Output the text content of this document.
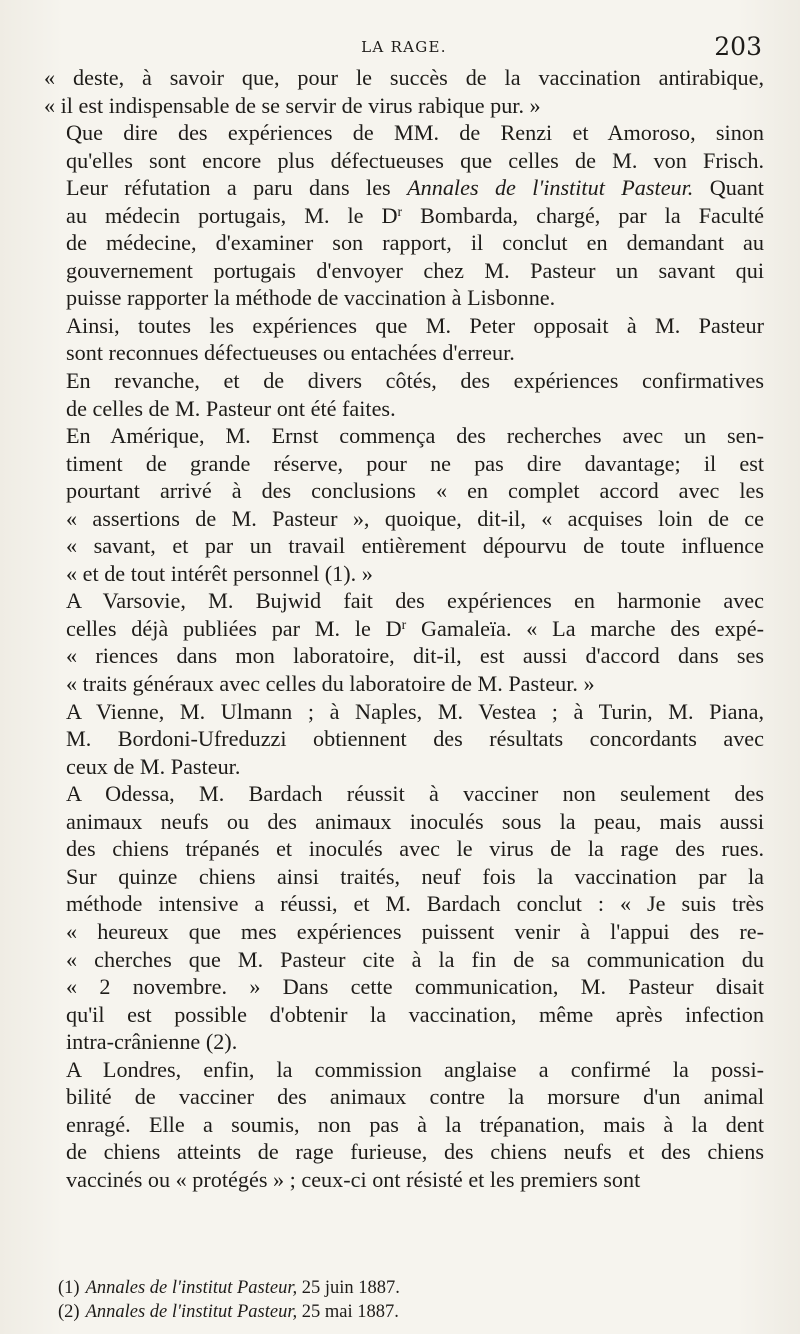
LA RAGE.	203

« deste, à savoir que, pour le succès de la vaccination antirabique,
« il est indispensable de se servir de virus rabique pur. »

Que dire des expériences de MM. de Renzi et Amoroso, sinon
qu'elles sont encore plus défectueuses que celles de M. von Frisch.
Leur réfutation a paru dans les Annales de l'institut Pasteur. Quant
au médecin portugais, M. le $D^r$ Bombarda, chargé, par la Faculté
de médecine, d'examiner son rapport, il conclut en demandant au
gouvernement portugais d'envoyer chez M. Pasteur un savant qui
puisse rapporter la méthode de vaccination à Lisbonne.

Ainsi, toutes les expériences que M. Peter opposait à M. Pasteur
sont reconnues défectueuses ou entachées d'erreur.

En revanche, et de divers côtés, des expériences confirmatives
de celles de M. Pasteur ont été faites.

En Amérique, M. Ernst commença des recherches avec un sen-
timent de grande réserve, pour ne pas dire davantage; il est
pourtant arrivé à des conclusions « en complet accord avec les
« assertions de M. Pasteur », quoique, dit-il, « acquises loin de ce
« savant, et par un travail entièrement dépourvu de toute influence
« et de tout intérêt personnel (1). »

A Varsovie, M. Bujwid fait des expériences en harmonie avec
celles déjà publiées par M. le $D^r$ Gamaleïa. « La marche des expé-
« riences dans mon laboratoire, dit-il, est aussi d'accord dans ses
« traits généraux avec celles du laboratoire de M. Pasteur. »

A Vienne, M. Ulmann ; à Naples, M. Vestea ; à Turin, M. Piana,
M. Bordoni-Ufreduzzi obtiennent des résultats concordants avec
ceux de M. Pasteur.

A Odessa, M. Bardach réussit à vacciner non seulement des
animaux neufs ou des animaux inoculés sous la peau, mais aussi
des chiens trépanés et inoculés avec le virus de la rage des rues.
Sur quinze chiens ainsi traités, neuf fois la vaccination par la
méthode intensive a réussi, et M. Bardach conclut : « Je suis très
« heureux que mes expériences puissent venir à l'appui des re-
« cherches que M. Pasteur cite à la fin de sa communication du
« 2 novembre. » Dans cette communication, M. Pasteur disait
qu'il est possible d'obtenir la vaccination, même après infection
intra-crânienne (2).

A Londres, enfin, la commission anglaise a confirmé la possi-
bilité de vacciner des animaux contre la morsure d'un animal
enragé. Elle a soumis, non pas à la trépanation, mais à la dent
de chiens atteints de rage furieuse, des chiens neufs et des chiens
vaccinés ou « protégés » ; ceux-ci ont résisté et les premiers sont

(1) Annales de l'institut Pasteur, 25 juin 1887.
(2) Annales de l'institut Pasteur, 25 mai 1887.
